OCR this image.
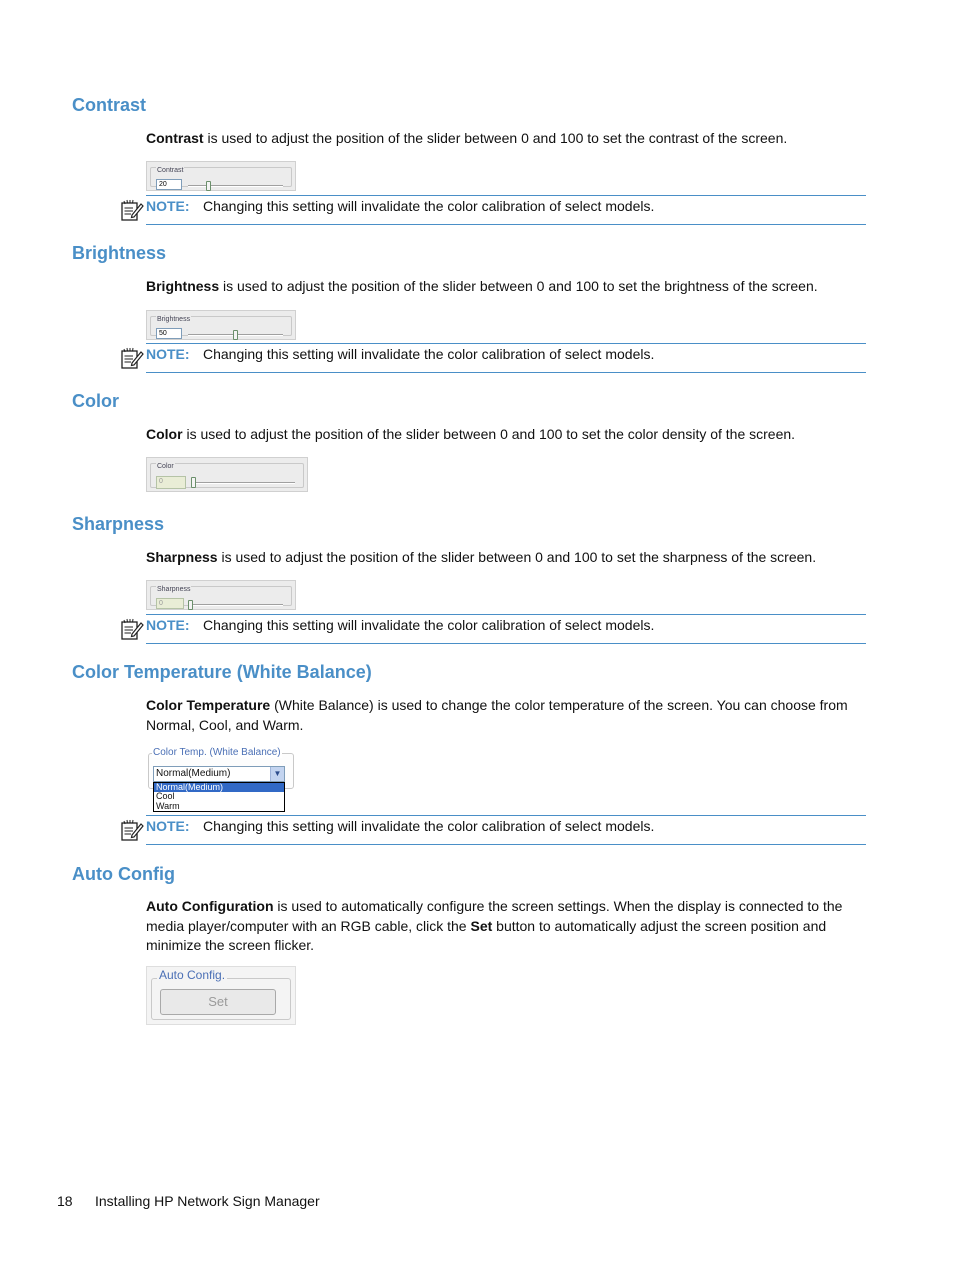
Contrast

Contrast is used to adjust the position of the slider between 0 and 100 to set the contrast of the screen.

Contrast
20
NOTE: Changing this setting will invalidate the color calibration of select models.
Brightness

Brightness is used to adjust the position of the slider between 0 and 100 to set the brightness of the screen.

Brightness
50
NOTE: Changing this setting will invalidate the color calibration of select models.
Color

Color is used to adjust the position of the slider between 0 and 100 to set the color density of the screen.

Color
0
Sharpness

Sharpness is used to adjust the position of the slider between 0 and 100 to set the sharpness of the screen.

Sharpness
0
NOTE: Changing this setting will invalidate the color calibration of select models.
Color Temperature (White Balance)

Color Temperature (White Balance) is used to change the color temperature of the screen. You can choose from Normal, Cool, and Warm.

Color Temp. (White Balance)
Normal(Medium)	▼
Normal(Medium)
Cool
Warm
NOTE: Changing this setting will invalidate the color calibration of select models.
Auto Config

Auto Configuration is used to automatically configure the screen settings. When the display is connected to the media player/computer with an RGB cable, click the Set button to automatically adjust the screen position and minimize the screen flicker.

Auto Config.
Set
18 Installing HP Network Sign Manager
